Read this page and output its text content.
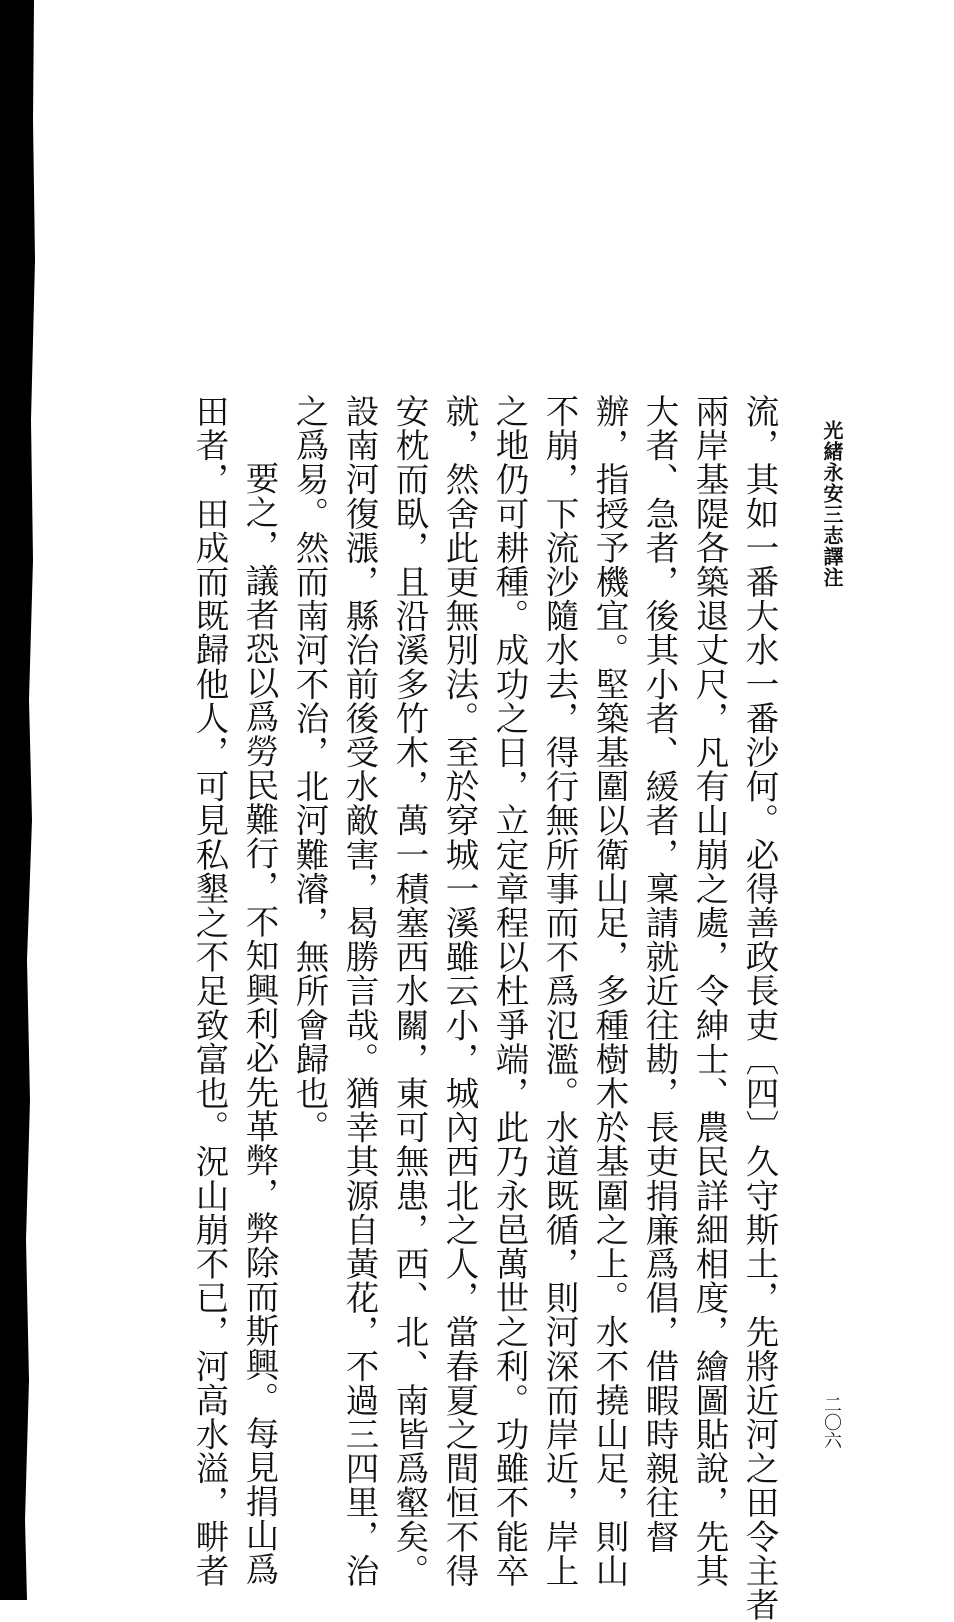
光緒永安三志譯注
二〇六
流，其如一番大水一番沙何。必得善政長吏〔四〕久守斯土，先將近河之田令主者
兩岸基隄各築退丈尺，凡有山崩之處，令紳士、農民詳細相度，繪圖貼說，先其
大者、急者，後其小者、緩者，稟請就近往勘，長吏捐廉爲倡，借暇時親往督
辦，指授予機宜。堅築基圍以衛山足，多種樹木於基圍之上。水不撓山足，則山
不崩，下流沙隨水去，得行無所事而不爲氾濫。水道既循，則河深而岸近，岸上
之地仍可耕種。成功之日，立定章程以杜爭端，此乃永邑萬世之利。功雖不能卒
就，然舍此更無別法。至於穿城一溪雖云小，城內西北之人，當春夏之間恒不得
安枕而臥，且沿溪多竹木，萬一積塞西水關，東可無患，西、北、南皆爲壑矣。
設南河復漲，縣治前後受水敵害，曷勝言哉。猶幸其源自黃花，不過三四里，治
之爲易。然而南河不治，北河難濬，無所會歸也。
要之，議者恐以爲勞民難行，不知興利必先革弊，弊除而斯興。每見捐山爲
田者，田成而既歸他人，可見私墾之不足致富也。況山崩不已，河高水溢，畊者
